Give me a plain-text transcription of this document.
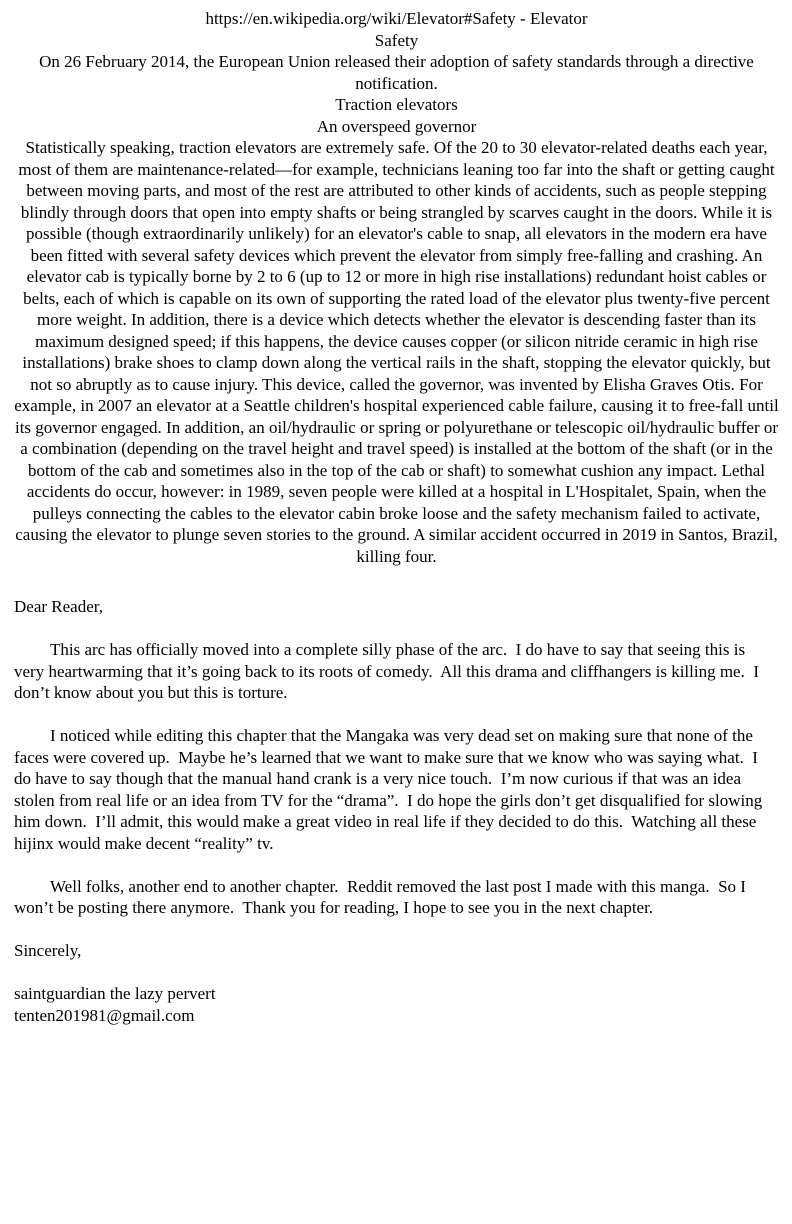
https://en.wikipedia.org/wiki/Elevator#Safety - Elevator

Safety

On 26 February 2014, the European Union released their adoption of safety standards through a directive notification.

Traction elevators

An overspeed governor

Statistically speaking, traction elevators are extremely safe. Of the 20 to 30 elevator-related deaths each year, most of them are maintenance-related—for example, technicians leaning too far into the shaft or getting caught between moving parts, and most of the rest are attributed to other kinds of accidents, such as people stepping blindly through doors that open into empty shafts or being strangled by scarves caught in the doors. While it is possible (though extraordinarily unlikely) for an elevator's cable to snap, all elevators in the modern era have been fitted with several safety devices which prevent the elevator from simply free-falling and crashing. An elevator cab is typically borne by 2 to 6 (up to 12 or more in high rise installations) redundant hoist cables or belts, each of which is capable on its own of supporting the rated load of the elevator plus twenty-five percent more weight. In addition, there is a device which detects whether the elevator is descending faster than its maximum designed speed; if this happens, the device causes copper (or silicon nitride ceramic in high rise installations) brake shoes to clamp down along the vertical rails in the shaft, stopping the elevator quickly, but not so abruptly as to cause injury. This device, called the governor, was invented by Elisha Graves Otis. For example, in 2007 an elevator at a Seattle children's hospital experienced cable failure, causing it to free-fall until its governor engaged. In addition, an oil/hydraulic or spring or polyurethane or telescopic oil/hydraulic buffer or a combination (depending on the travel height and travel speed) is installed at the bottom of the shaft (or in the bottom of the cab and sometimes also in the top of the cab or shaft) to somewhat cushion any impact. Lethal accidents do occur, however: in 1989, seven people were killed at a hospital in L'Hospitalet, Spain, when the pulleys connecting the cables to the elevator cabin broke loose and the safety mechanism failed to activate, causing the elevator to plunge seven stories to the ground. A similar accident occurred in 2019 in Santos, Brazil, killing four.

Dear Reader,

This arc has officially moved into a complete silly phase of the arc.  I do have to say that seeing this is very heartwarming that it’s going back to its roots of comedy.  All this drama and cliffhangers is killing me.  I don’t know about you but this is torture.

I noticed while editing this chapter that the Mangaka was very dead set on making sure that none of the faces were covered up.  Maybe he’s learned that we want to make sure that we know who was saying what.  I do have to say though that the manual hand crank is a very nice touch.  I’m now curious if that was an idea stolen from real life or an idea from TV for the “drama”.  I do hope the girls don’t get disqualified for slowing him down.  I’ll admit, this would make a great video in real life if they decided to do this.  Watching all these hijinx would make decent “reality” tv.

Well folks, another end to another chapter.  Reddit removed the last post I made with this manga.  So I won’t be posting there anymore.  Thank you for reading, I hope to see you in the next chapter.

Sincerely,

saintguardian the lazy pervert

tenten201981@gmail.com
